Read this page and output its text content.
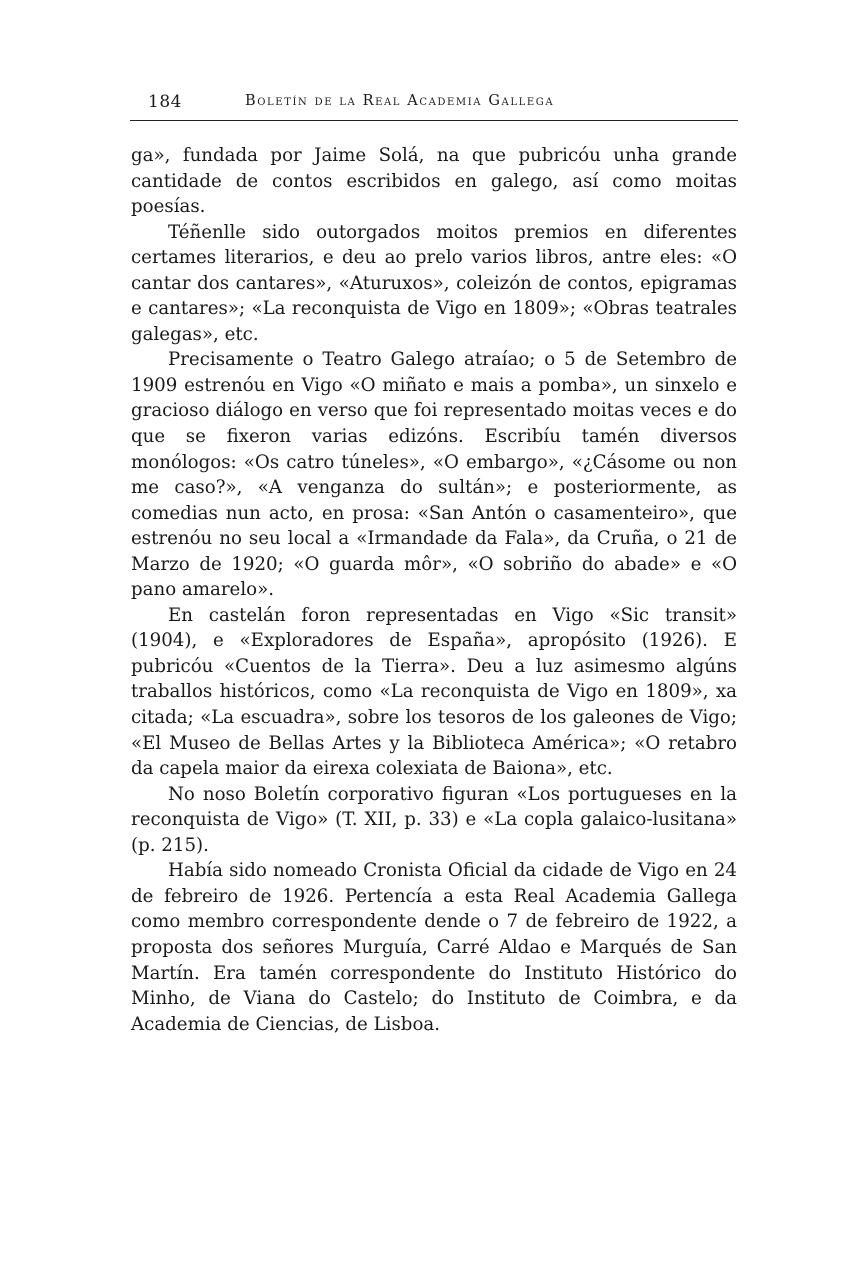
184	Boletín de la Real Academia Gallega

ga», fundada por Jaime Solá, na que pubricóu unha grande cantidade de contos escribidos en galego, así como moitas poesías.

Téñenlle sido outorgados moitos premios en diferentes certames literarios, e deu ao prelo varios libros, antre eles: «O cantar dos cantares», «Aturuxos», coleizón de contos, epigramas e cantares»; «La reconquista de Vigo en 1809»; «Obras teatrales galegas», etc.

Precisamente o Teatro Galego atraíao; o 5 de Setembro de 1909 estrenóu en Vigo «O miñato e mais a pomba», un sinxelo e gracioso diálogo en verso que foi representado moitas veces e do que se fixeron varias edizóns. Escribíu tamén diversos monólogos: «Os catro túneles», «O embargo», «¿Cásome ou non me caso?», «A venganza do sultán»; e posteriormente, as comedias nun acto, en prosa: «San Antón o casamenteiro», que estrenóu no seu local a «Irmandade da Fala», da Cruña, o 21 de Marzo de 1920; «O guarda môr», «O sobriño do abade» e «O pano amarelo».

En castelán foron representadas en Vigo «Sic transit» (1904), e «Exploradores de España», apropósito (1926). E pubricóu «Cuentos de la Tierra». Deu a luz asimesmo algúns traballos históricos, como «La reconquista de Vigo en 1809», xa citada; «La escuadra», sobre los tesoros de los galeones de Vigo; «El Museo de Bellas Artes y la Biblioteca América»; «O retabro da capela maior da eirexa colexiata de Baiona», etc.

No noso Boletín corporativo figuran «Los portugueses en la reconquista de Vigo» (T. XII, p. 33) e «La copla galaico-lusitana» (p. 215).

Había sido nomeado Cronista Oficial da cidade de Vigo en 24 de febreiro de 1926. Pertencía a esta Real Academia Gallega como membro correspondente dende o 7 de febreiro de 1922, a proposta dos señores Murguía, Carré Aldao e Marqués de San Martín. Era tamén correspondente do Instituto Histórico do Minho, de Viana do Castelo; do Instituto de Coimbra, e da Academia de Ciencias, de Lisboa.
